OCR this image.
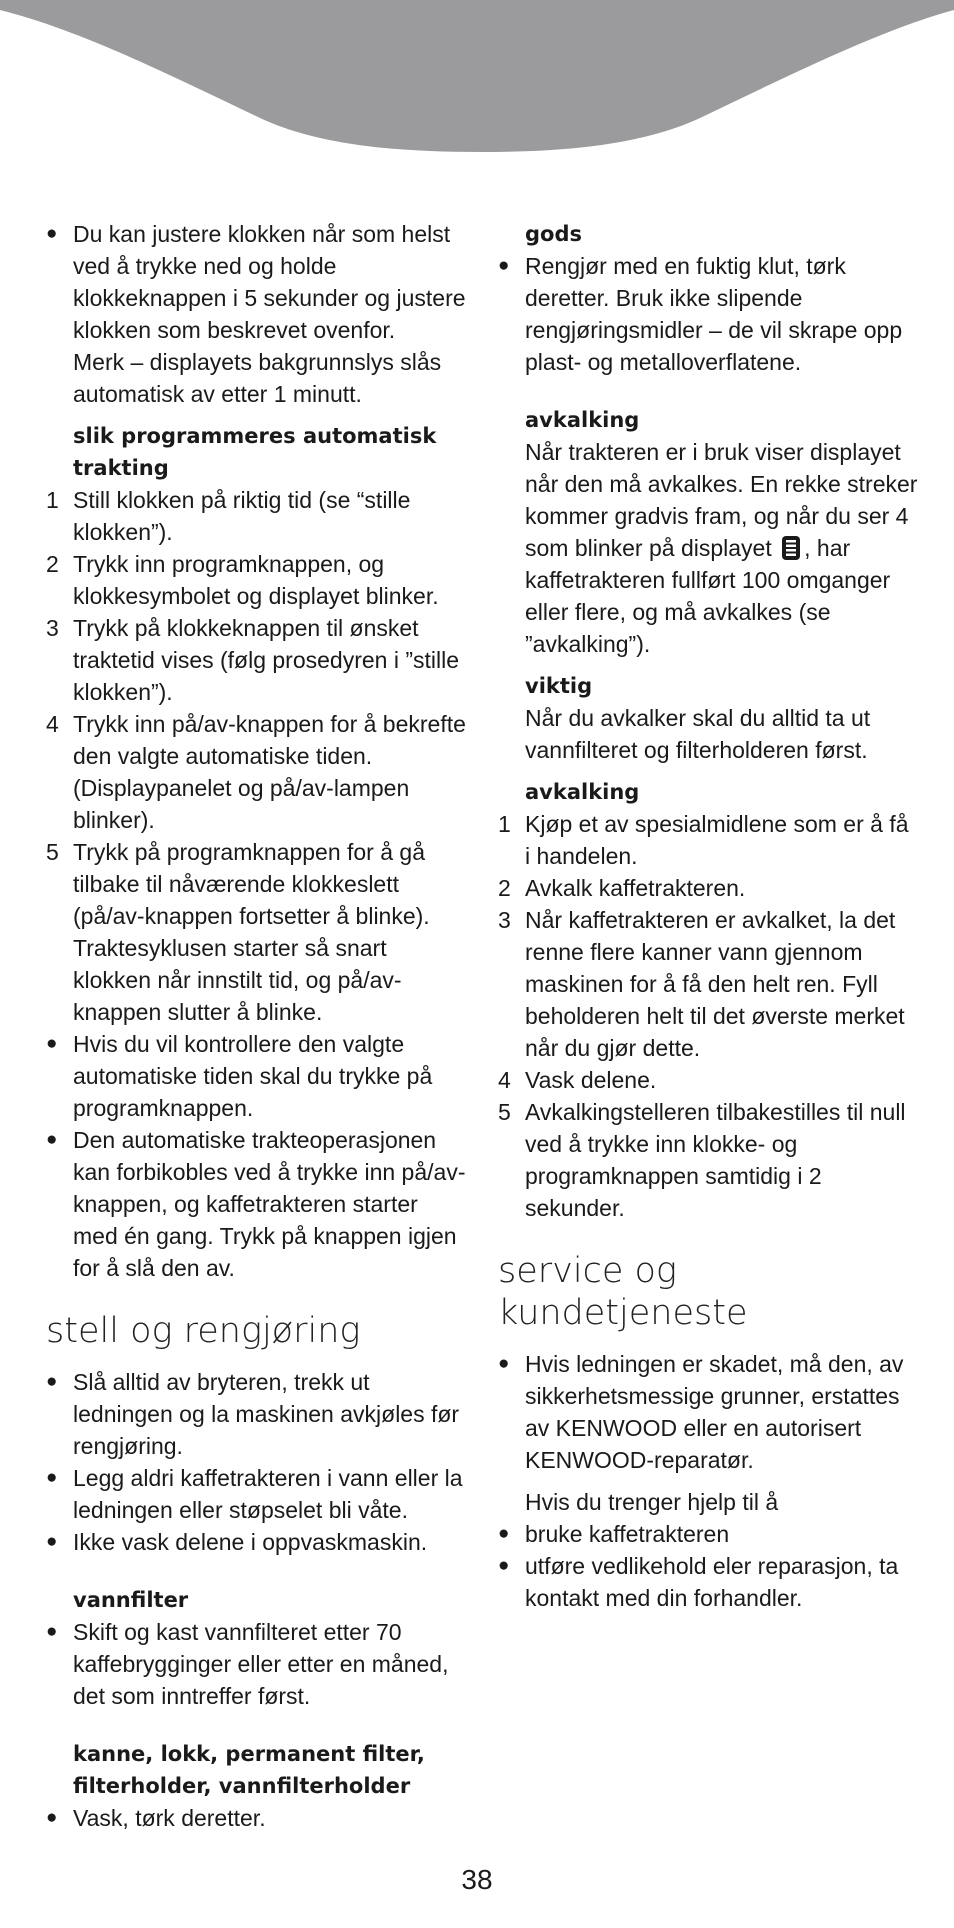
● Du kan justere klokken når som helst ved å trykke ned og holde klokkeknappen i 5 sekunder og justere klokken som beskrevet ovenfor.

Merk – displayets bakgrunnslys slås automatisk av etter 1 minutt.

slik programmeres automatisk trakting

1 Still klokken på riktig tid (se “stille klokken”).

2 Trykk inn programknappen, og klokkesymbolet og displayet blinker.

3 Trykk på klokkeknappen til ønsket traktetid vises (følg prosedyren i ”stille klokken”).

4 Trykk inn på/av-knappen for å bekrefte den valgte automatiske tiden. (Displaypanelet og på/av-lampen blinker).

5 Trykk på programknappen for å gå tilbake til nåværende klokkeslett (på/av-knappen fortsetter å blinke). Traktesyklusen starter så snart klokken når innstilt tid, og på/av-knappen slutter å blinke.

● Hvis du vil kontrollere den valgte automatiske tiden skal du trykke på programknappen.

● Den automatiske trakteoperasjonen kan forbikobles ved å trykke inn på/av-knappen, og kaffetrakteren starter med én gang. Trykk på knappen igjen for å slå den av.

stell og rengjøring

● Slå alltid av bryteren, trekk ut ledningen og la maskinen avkjøles før rengjøring.

● Legg aldri kaffetrakteren i vann eller la ledningen eller støpselet bli våte.

● Ikke vask delene i oppvaskmaskin.

vannfilter

● Skift og kast vannfilteret etter 70 kaffebrygginger eller etter en måned, det som inntreffer først.

kanne, lokk, permanent filter, filterholder, vannfilterholder

● Vask, tørk deretter.

gods

● Rengjør med en fuktig klut, tørk deretter. Bruk ikke slipende rengjøringsmidler – de vil skrape opp plast- og metalloverflatene.

avkalking

Når trakteren er i bruk viser displayet når den må avkalkes. En rekke streker kommer gradvis fram, og når du ser 4 som blinker på displayet , har kaffetrakteren fullført 100 omganger eller flere, og må avkalkes (se ”avkalking”).

viktig

Når du avkalker skal du alltid ta ut vannfilteret og filterholderen først.

avkalking

1 Kjøp et av spesialmidlene som er å få i handelen.

2 Avkalk kaffetrakteren.

3 Når kaffetrakteren er avkalket, la det renne flere kanner vann gjennom maskinen for å få den helt ren. Fyll beholderen helt til det øverste merket når du gjør dette.

4 Vask delene.

5 Avkalkingstelleren tilbakestilles til null ved å trykke inn klokke- og programknappen samtidig i 2 sekunder.

service og kundetjeneste

● Hvis ledningen er skadet, må den, av sikkerhetsmessige grunner, erstattes av KENWOOD eller en autorisert KENWOOD-reparatør.

Hvis du trenger hjelp til å

● bruke kaffetrakteren

● utføre vedlikehold eler reparasjon, ta kontakt med din forhandler.

38
